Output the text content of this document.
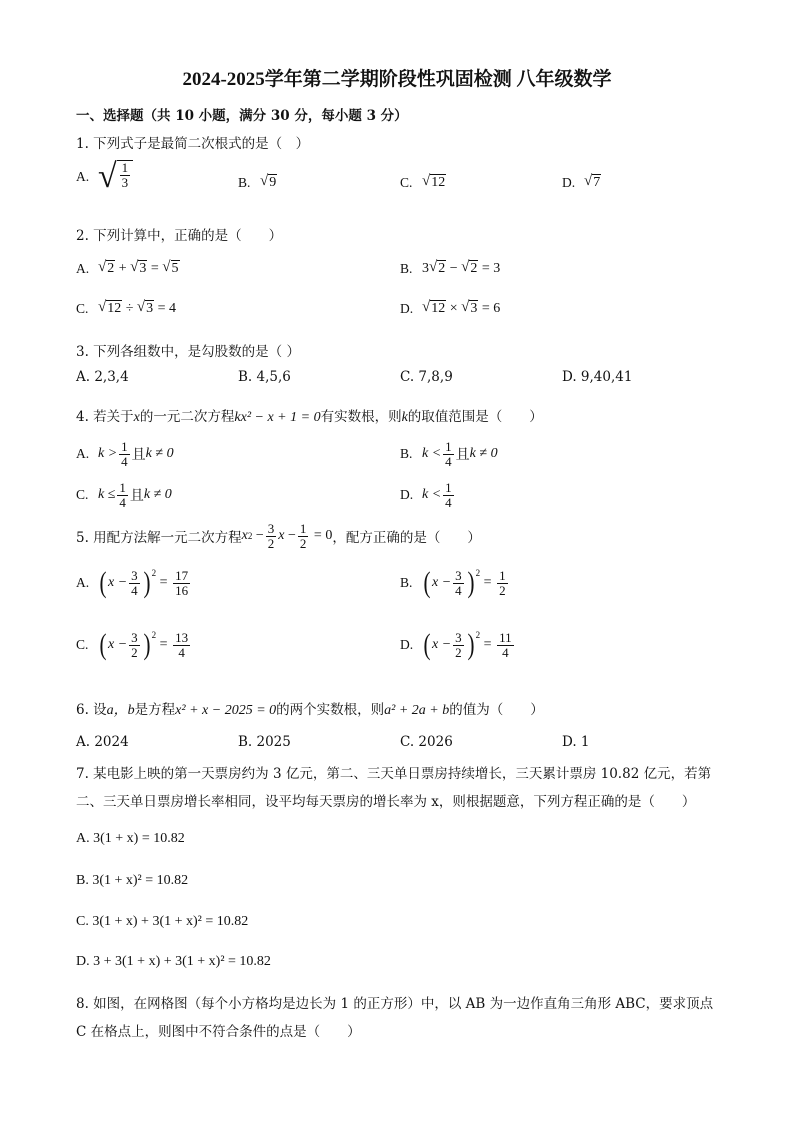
2024-2025学年第二学期阶段性巩固检测 八年级数学
一、选择题（共 10 小题，满分 30 分，每小题 3 分）
1. 下列式子是最简二次根式的是（　）
A. √ $\frac{1}{3}$	B. √ 9	C. √ 12	D. √ 7
2. 下列计算中，正确的是（　　）
A. √ 2
+
√ 3
=
√ 5	B. 3 √ 2
−
√ 2
= 3
C. √ 12
÷
√ 3
= 4	D. √ 12
×
√ 3
= 6
3. 下列各组数中，是勾股数的是（ ）
A. 2,3,4	B. 4,5,6	C. 7,8,9	D. 9,40,41
4. 若关于 x 的一元二次方程 kx² − x + 1 = 0 有实数根，则 k 的取值范围是（　　）
A. $k > \frac{1}{4}$ 且 k ≠ 0	B. $k < \frac{1}{4}$ 且 k ≠ 0
C. $k \le \frac{1}{4}$ 且 k ≠ 0	D. $k < \frac{1}{4}$
5. 用配方法解一元二次方程 x 2
− $\frac{3}{2}$ x
− $\frac{1}{2}$
= 0 ，配方正确的是（　　）
A. ( $x - \frac{3}{4} )^2$
= $\frac{17}{16}$	B. ( $x - \frac{3}{4} )^2$
= $\frac{1}{2}$
C. ( $x - \frac{3}{2} )^2$
= $\frac{13}{4}$	D. ( $x - \frac{3}{2} )^2$
= $\frac{11}{4}$
6. 设 a，b 是方程 x² + x − 2025 = 0 的两个实数根，则 a² + 2a + b 的值为（　　）
A. 2024	B. 2025	C. 2026	D. 1
7. 某电影上映的第一天票房约为 3 亿元，第二、三天单日票房持续增长，三天累计票房 10.82 亿元，若第二、三天单日票房增长率相同，设平均每天票房的增长率为 x，则根据题意，下列方程正确的是（　　）
A. 3(1 + x) = 10.82
B. 3(1 + x)² = 10.82
C. 3(1 + x) + 3(1 + x)² = 10.82
D. 3 + 3(1 + x) + 3(1 + x)² = 10.82
8. 如图，在网格图（每个小方格均是边长为 1 的正方形）中，以 AB 为一边作直角三角形 ABC，要求顶点 C 在格点上，则图中不符合条件的点是（　　）
